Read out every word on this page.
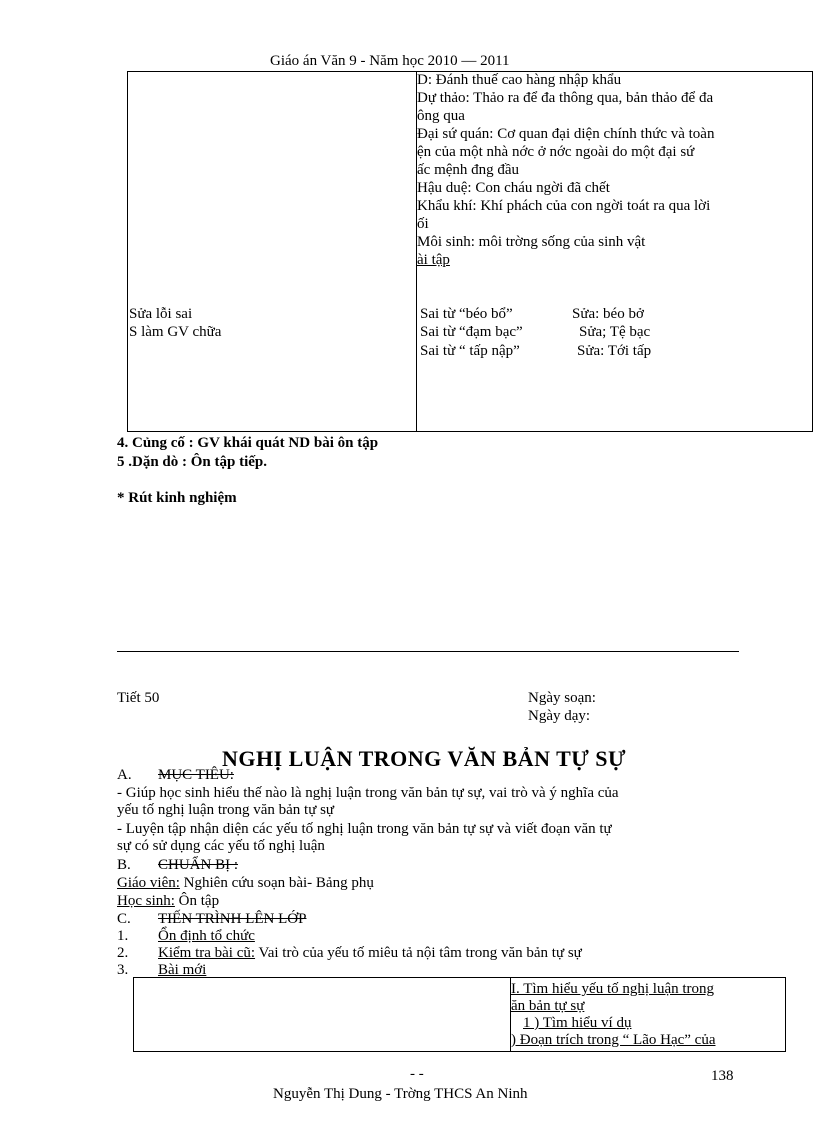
Giáo án Văn 9 - Năm học 2010 — 2011
D: Đánh thuế cao hàng nhập khẩu
Dự thảo: Thảo ra để đa thông qua, bản thảo để đa
ông qua
Đại sứ quán: Cơ quan đại diện chính thức và toàn
ện của một nhà nớc ở nớc ngoài do một đại sứ
ấc mệnh đng đầu
Hậu duệ: Con cháu ngời đã chết
Khẩu khí: Khí phách của con ngời toát ra qua lời
ối
Môi sinh: môi trờng sống của sinh vật
ài tập
Sửa lỗi sai
S làm GV chữa
Sai từ “béo bổ”	Sửa: béo bở
Sai từ “đạm bạc”	Sửa; Tệ bạc
Sai từ “ tấp nập”	Sửa: Tới tấp
4. Củng cố : GV khái quát ND bài ôn tập
5 .Dặn dò : Ôn tập tiếp.
* Rút kinh nghiệm
Tiết 50	Ngày soạn:
Ngày dạy:
NGHỊ LUẬN TRONG VĂN BẢN TỰ SỰ
A. MỤC TIÊU:
- Giúp học sinh hiểu thế nào là nghị luận trong văn bản tự sự, vai trò và ý nghĩa của
yếu tố nghị luận trong văn bản tự sự
- Luyện tập nhận diện các yếu tố nghị luận trong văn bản tự sự và viết đoạn văn tự
sự có sử dụng các yếu tố nghị luận
B. CHUẨN BỊ :
Giáo viên: Nghiên cứu soạn bài- Bảng phụ
Học sinh: Ôn tập
C. TIẾN TRÌNH LÊN LỚP
1. Ổn định tổ chức
2. Kiểm tra bài cũ: Vai trò của yếu tố miêu tả nội tâm trong văn bản tự sự
3. Bài mới
I. Tìm hiểu yếu tố nghị luận trong
ăn bản tự sự
1 ) Tìm hiểu ví dụ
) Đoạn trích trong “ Lão Hạc” của
- -	138
Nguyễn Thị Dung - Trờng THCS An Ninh
